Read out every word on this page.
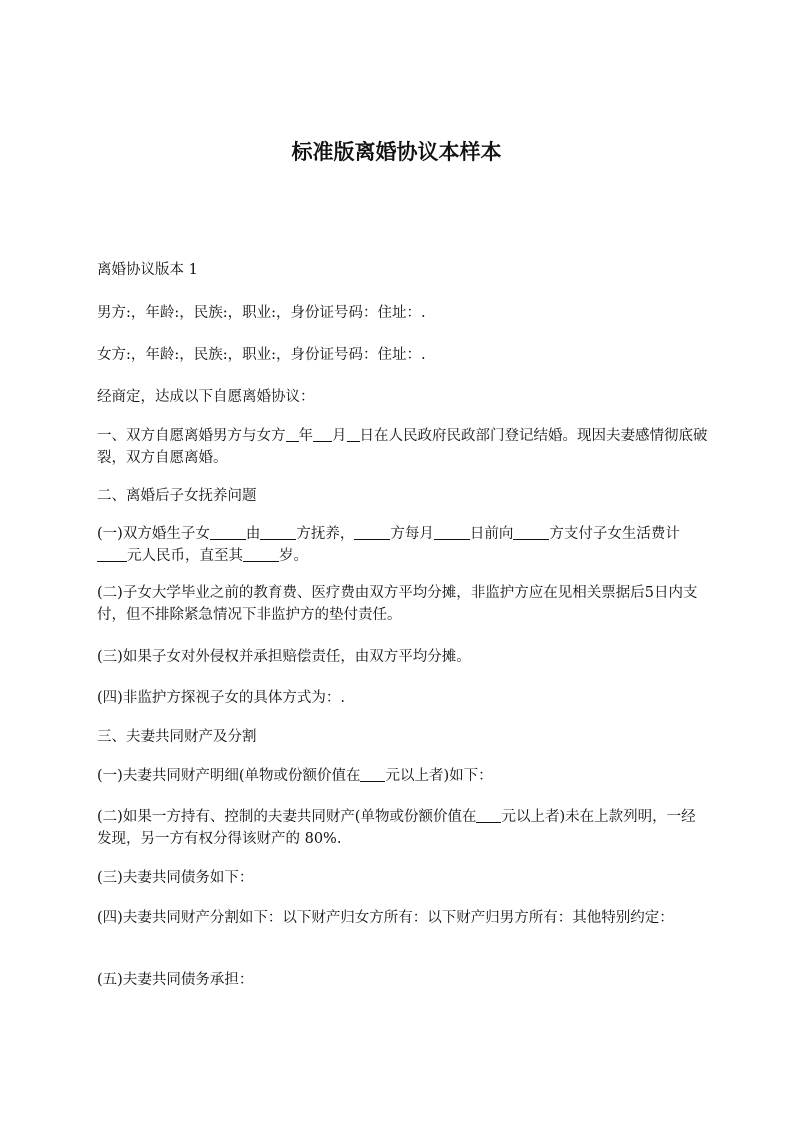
标准版离婚协议本样本

离婚协议版本 1

男方:，年龄:，民族:，职业:，身份证号码：住址：.

女方:，年龄:，民族:，职业:，身份证号码：住址：.

经商定，达成以下自愿离婚协议：

一、双方自愿离婚男方与女方 年 月 日在人民政府民政部门登记结婚。现因夫妻感情彻底破裂，双方自愿离婚。

二、离婚后子女抚养问题

(一)双方婚生子女 由 方抚养， 方每月 日前向 方支付子女生活费计元人民币，直至其 岁。

(二)子女大学毕业之前的教育费、医疗费由双方平均分摊，非监护方应在见相关票据后5日内支付，但不排除紧急情况下非监护方的垫付责任。

(三)如果子女对外侵权并承担赔偿责任，由双方平均分摊。

(四)非监护方探视子女的具体方式为：.

三、夫妻共同财产及分割

(一)夫妻共同财产明细(单物或份额价值在 元以上者)如下：

(二)如果一方持有、控制的夫妻共同财产(单物或份额价值在 元以上者)未在上款列明，一经发现，另一方有权分得该财产的 80%.

(三)夫妻共同债务如下：

(四)夫妻共同财产分割如下：以下财产归女方所有：以下财产归男方所有：其他特别约定：

(五)夫妻共同债务承担：
